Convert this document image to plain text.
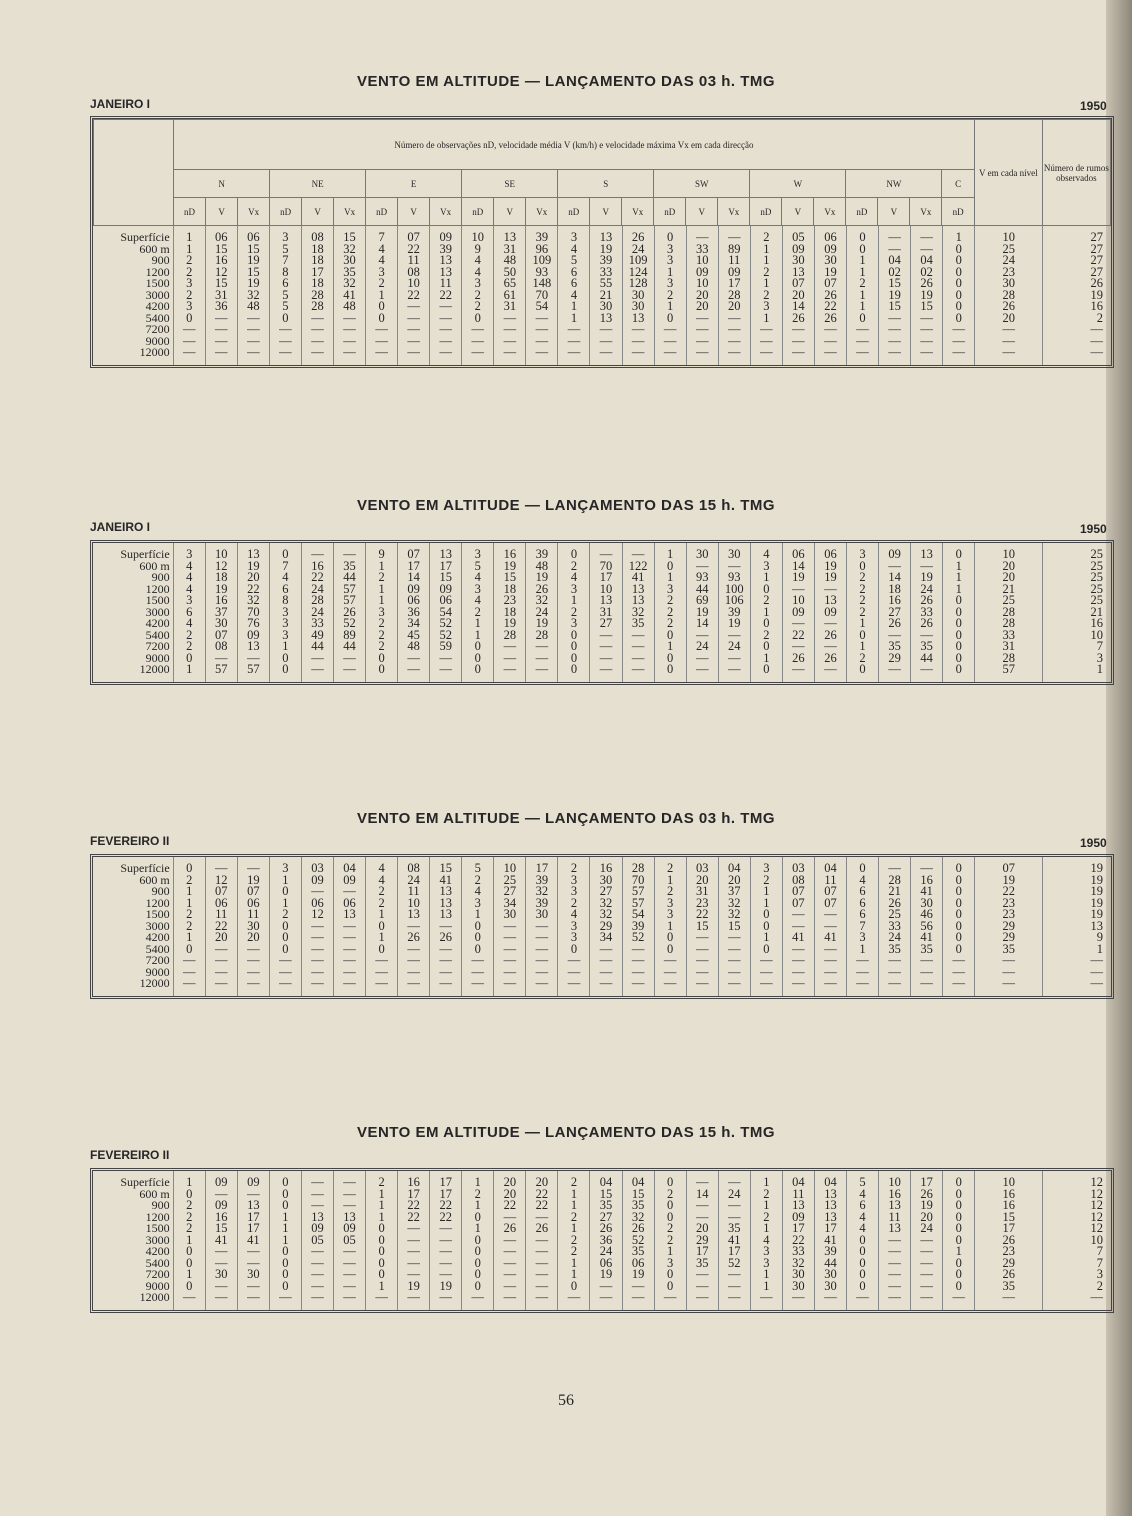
VENTO EM ALTITUDE — LANÇAMENTO DAS 03 h. TMG
JANEIRO I	1950
	Número de observações nD, velocidade média V (km/h) e velocidade máxima Vx em cada direcção																									V em cada nível	Número de rumos observados
	N			NE			E			SE			S			SW			W			NW			C		
	nD	V	Vx	nD	V	Vx	nD	V	Vx	nD	V	Vx	nD	V	Vx	nD	V	Vx	nD	V	Vx	nD	V	Vx	nD		

Superfície	1	06	06	3	08	15	7	07	09	10	13	39	3	13	26	0	—	—	2	05	06	0	—	—	1	10	27
600 m	1	15	15	5	18	32	4	22	39	9	31	96	4	19	24	3	33	89	1	09	09	0	—	—	0	25	27
900	2	16	19	7	18	30	4	11	13	4	48	109	5	39	109	3	10	11	1	30	30	1	04	04	0	24	27
1200	2	12	15	8	17	35	3	08	13	4	50	93	6	33	124	1	09	09	2	13	19	1	02	02	0	23	27
1500	3	15	19	6	18	32	2	10	11	3	65	148	6	55	128	3	10	17	1	07	07	2	15	26	0	30	26
3000	2	31	32	5	28	41	1	22	22	2	61	70	4	21	30	2	20	28	2	20	26	1	19	19	0	28	19
4200	3	36	48	5	28	48	0	—	—	2	31	54	1	30	30	1	20	20	3	14	22	1	15	15	0	26	16
5400	0	—	—	0	—	—	0	—	—	0	—	—	1	13	13	0	—	—	1	26	26	0	—	—	0	20	2
7200	—	—	—	—	—	—	—	—	—	—	—	—	—	—	—	—	—	—	—	—	—	—	—	—	—	—	—
9000	—	—	—	—	—	—	—	—	—	—	—	—	—	—	—	—	—	—	—	—	—	—	—	—	—	—	—
12000	—	—	—	—	—	—	—	—	—	—	—	—	—	—	—	—	—	—	—	—	—	—	—	—	—	—	—

VENTO EM ALTITUDE — LANÇAMENTO DAS 15 h. TMG
JANEIRO I	1950

Superfície	3	10	13	0	—	—	9	07	13	3	16	39	0	—	—	1	30	30	4	06	06	3	09	13	0	10	25
600 m	4	12	19	7	16	35	1	17	17	5	19	48	2	70	122	0	—	—	3	14	19	0	—	—	1	20	25
900	4	18	20	4	22	44	2	14	15	4	15	19	4	17	41	1	93	93	1	19	19	2	14	19	1	20	25
1200	4	19	22	6	24	57	1	09	09	3	18	26	3	10	13	3	44	100	0	—	—	2	18	24	1	21	25
1500	3	16	32	8	28	57	1	06	06	4	23	32	1	13	13	2	69	106	2	10	13	2	16	26	0	25	25
3000	6	37	70	3	24	26	3	36	54	2	18	24	2	31	32	2	19	39	1	09	09	2	27	33	0	28	21
4200	4	30	76	3	33	52	2	34	52	1	19	19	3	27	35	2	14	19	0	—	—	1	26	26	0	28	16
5400	2	07	09	3	49	89	2	45	52	1	28	28	0	—	—	0	—	—	2	22	26	0	—	—	0	33	10
7200	2	08	13	1	44	44	2	48	59	0	—	—	0	—	—	1	24	24	0	—	—	1	35	35	0	31	7
9000	0	—	—	0	—	—	0	—	—	0	—	—	0	—	—	0	—	—	1	26	26	2	29	44	0	28	3
12000	1	57	57	0	—	—	0	—	—	0	—	—	0	—	—	0	—	—	0	—	—	0	—	—	0	57	1

VENTO EM ALTITUDE — LANÇAMENTO DAS 03 h. TMG
FEVEREIRO II	1950

Superfície	0	—	—	3	03	04	4	08	15	5	10	17	2	16	28	2	03	04	3	03	04	0	—	—	0	07	19
600 m	2	12	19	1	09	09	4	24	41	2	25	39	3	30	70	1	20	20	2	08	11	4	28	16	0	19	19
900	1	07	07	0	—	—	2	11	13	4	27	32	3	27	57	2	31	37	1	07	07	6	21	41	0	22	19
1200	1	06	06	1	06	06	2	10	13	3	34	39	2	32	57	3	23	32	1	07	07	6	26	30	0	23	19
1500	2	11	11	2	12	13	1	13	13	1	30	30	4	32	54	3	22	32	0	—	—	6	25	46	0	23	19
3000	2	22	30	0	—	—	0	—	—	0	—	—	3	29	39	1	15	15	0	—	—	7	33	56	0	29	13
4200	1	20	20	0	—	—	1	26	26	0	—	—	3	34	52	0	—	—	1	41	41	3	24	41	0	29	9
5400	0	—	—	0	—	—	0	—	—	0	—	—	0	—	—	0	—	—	0	—	—	1	35	35	0	35	1
7200	—	—	—	—	—	—	—	—	—	—	—	—	—	—	—	—	—	—	—	—	—	—	—	—	—	—	—
9000	—	—	—	—	—	—	—	—	—	—	—	—	—	—	—	—	—	—	—	—	—	—	—	—	—	—	—
12000	—	—	—	—	—	—	—	—	—	—	—	—	—	—	—	—	—	—	—	—	—	—	—	—	—	—	—

VENTO EM ALTITUDE — LANÇAMENTO DAS 15 h. TMG
FEVEREIRO II

Superfície	1	09	09	0	—	—	2	16	17	1	20	20	2	04	04	0	—	—	1	04	04	5	10	17	0	10	12
600 m	0	—	—	0	—	—	1	17	17	2	20	22	1	15	15	2	14	24	2	11	13	4	16	26	0	16	12
900	2	09	13	0	—	—	1	22	22	1	22	22	1	35	35	0	—	—	1	13	13	6	13	19	0	16	12
1200	2	16	17	1	13	13	1	22	22	0	—	—	2	27	32	0	—	—	2	09	13	4	11	20	0	15	12
1500	2	15	17	1	09	09	0	—	—	1	26	26	1	26	26	2	20	35	1	17	17	4	13	24	0	17	12
3000	1	41	41	1	05	05	0	—	—	0	—	—	2	36	52	2	29	41	4	22	41	0	—	—	0	26	10
4200	0	—	—	0	—	—	0	—	—	0	—	—	2	24	35	1	17	17	3	33	39	0	—	—	1	23	7
5400	0	—	—	0	—	—	0	—	—	0	—	—	1	06	06	3	35	52	3	32	44	0	—	—	0	29	7
7200	1	30	30	0	—	—	0	—	—	0	—	—	1	19	19	0	—	—	1	30	30	0	—	—	0	26	3
9000	0	—	—	0	—	—	1	19	19	0	—	—	0	—	—	0	—	—	1	30	30	0	—	—	0	35	2
12000	—	—	—	—	—	—	—	—	—	—	—	—	—	—	—	—	—	—	—	—	—	—	—	—	—	—	—

56
